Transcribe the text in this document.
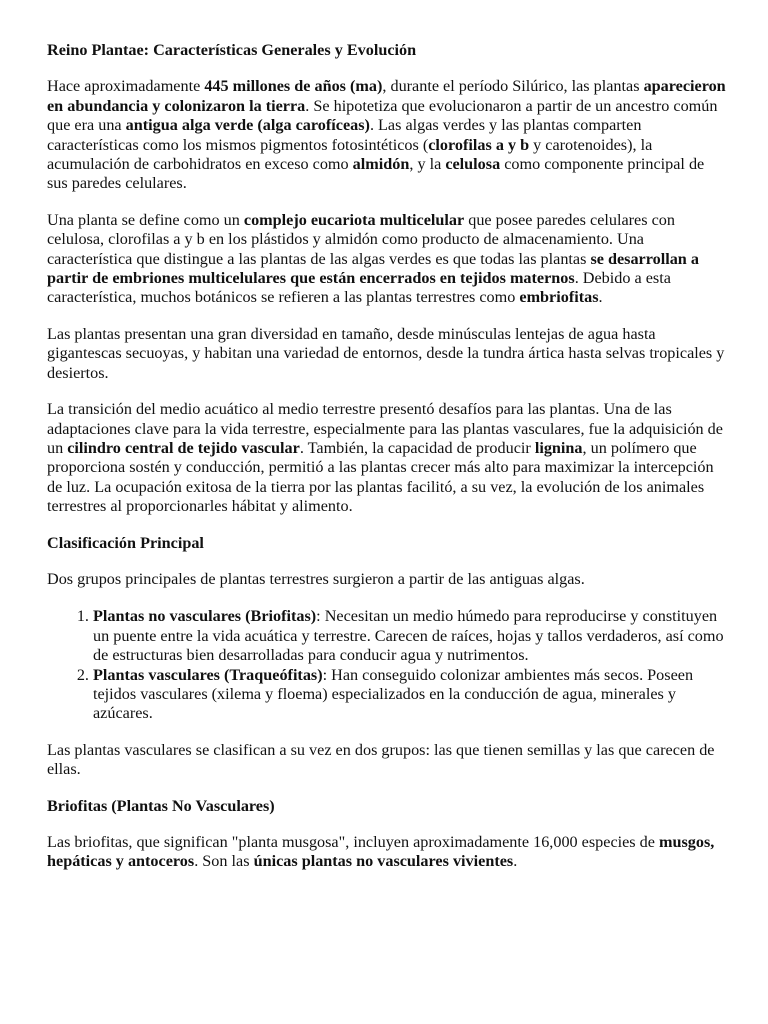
Reino Plantae: Características Generales y Evolución

Hace aproximadamente 445 millones de años (ma), durante el período Silúrico, las plantas aparecieron en abundancia y colonizaron la tierra. Se hipotetiza que evolucionaron a partir de un ancestro común que era una antigua alga verde (alga carofíceas). Las algas verdes y las plantas comparten características como los mismos pigmentos fotosintéticos (clorofilas a y b y carotenoides), la acumulación de carbohidratos en exceso como almidón, y la celulosa como componente principal de sus paredes celulares.

Una planta se define como un complejo eucariota multicelular que posee paredes celulares con celulosa, clorofilas a y b en los plástidos y almidón como producto de almacenamiento. Una característica que distingue a las plantas de las algas verdes es que todas las plantas se desarrollan a partir de embriones multicelulares que están encerrados en tejidos maternos. Debido a esta característica, muchos botánicos se refieren a las plantas terrestres como embriofitas.

Las plantas presentan una gran diversidad en tamaño, desde minúsculas lentejas de agua hasta gigantescas secuoyas, y habitan una variedad de entornos, desde la tundra ártica hasta selvas tropicales y desiertos.

La transición del medio acuático al medio terrestre presentó desafíos para las plantas. Una de las adaptaciones clave para la vida terrestre, especialmente para las plantas vasculares, fue la adquisición de un cilindro central de tejido vascular. También, la capacidad de producir lignina, un polímero que proporciona sostén y conducción, permitió a las plantas crecer más alto para maximizar la intercepción de luz. La ocupación exitosa de la tierra por las plantas facilitó, a su vez, la evolución de los animales terrestres al proporcionarles hábitat y alimento.

Clasificación Principal

Dos grupos principales de plantas terrestres surgieron a partir de las antiguas algas.

1. Plantas no vasculares (Briofitas): Necesitan un medio húmedo para reproducirse y constituyen un puente entre la vida acuática y terrestre. Carecen de raíces, hojas y tallos verdaderos, así como de estructuras bien desarrolladas para conducir agua y nutrimentos.
2. Plantas vasculares (Traqueófitas): Han conseguido colonizar ambientes más secos. Poseen tejidos vasculares (xilema y floema) especializados en la conducción de agua, minerales y azúcares.

Las plantas vasculares se clasifican a su vez en dos grupos: las que tienen semillas y las que carecen de ellas.

Briofitas (Plantas No Vasculares)

Las briofitas, que significan "planta musgosa", incluyen aproximadamente 16,000 especies de musgos, hepáticas y antoceros. Son las únicas plantas no vasculares vivientes.
